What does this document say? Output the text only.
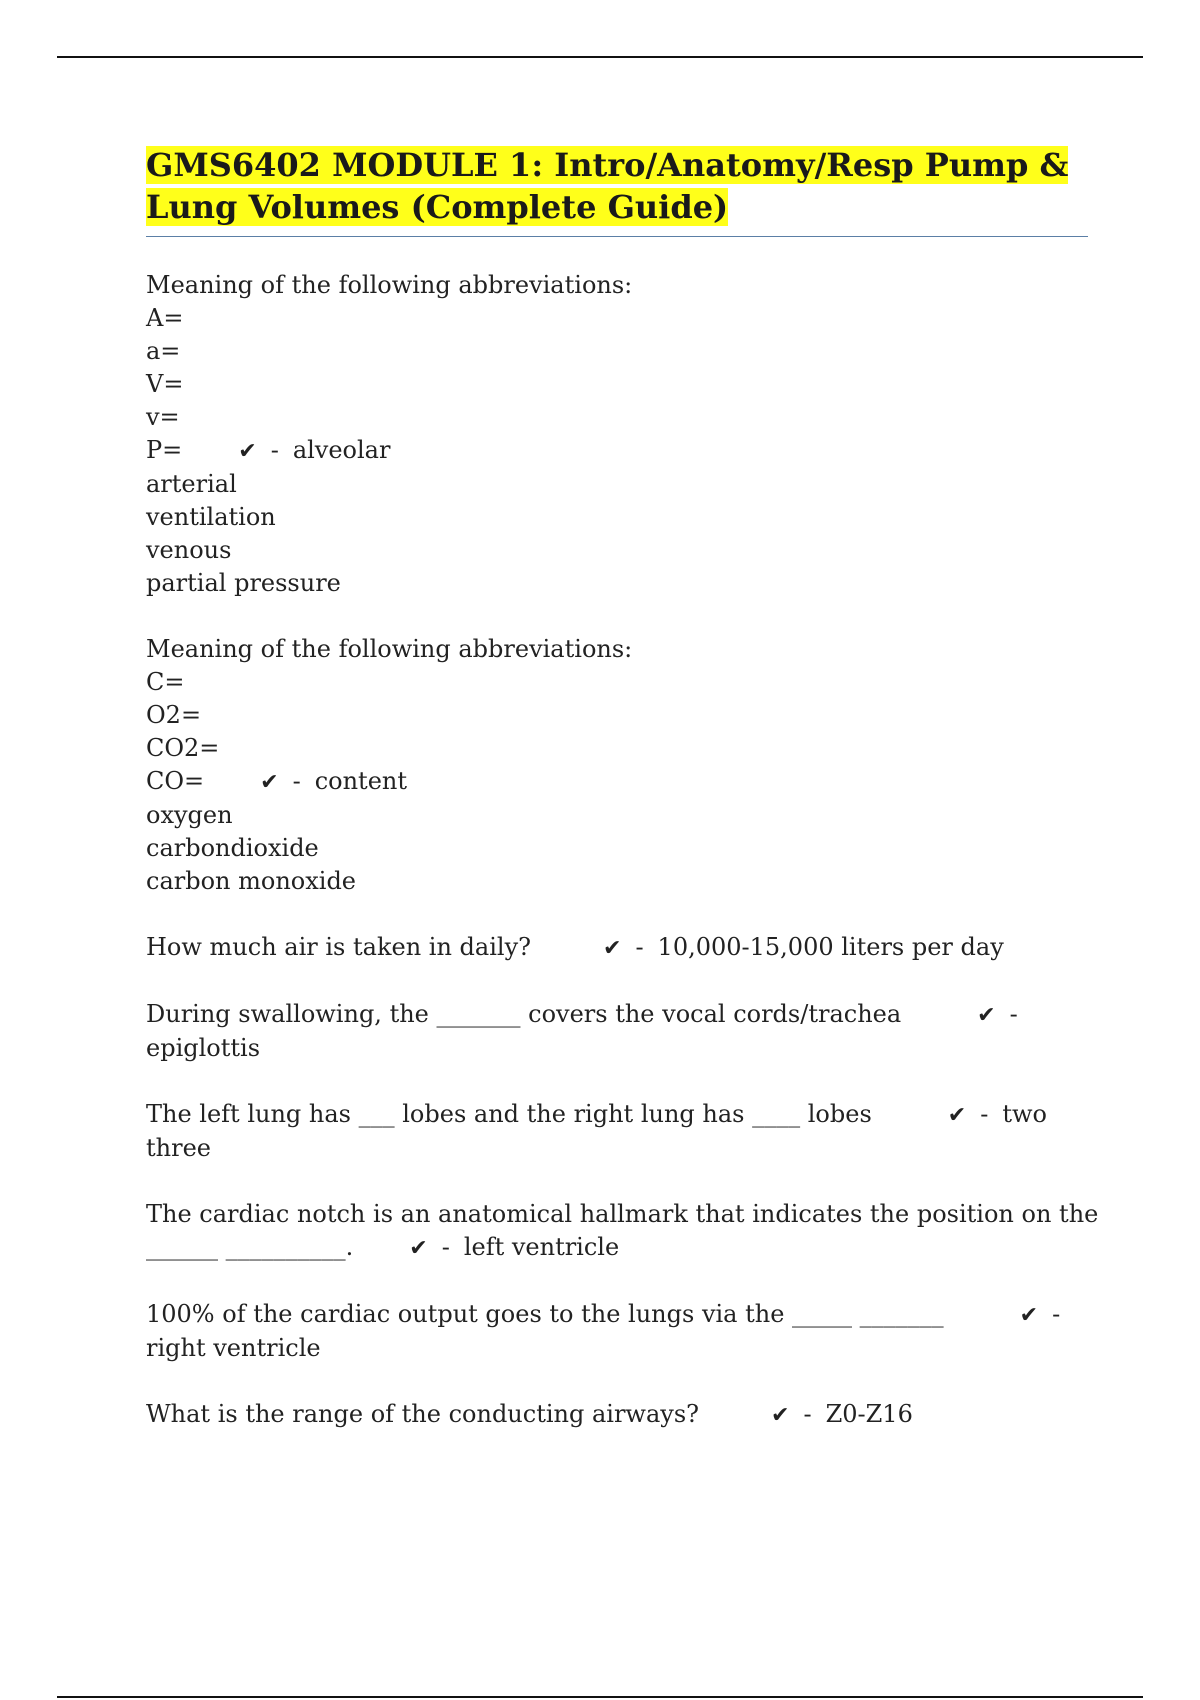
GMS6402 MODULE 1: Intro/Anatomy/Resp Pump & Lung Volumes (Complete Guide)
Meaning of the following abbreviations:
A=
a=
V=
v=
P=	✔ - alveolar
arterial
ventilation
venous
partial pressure
Meaning of the following abbreviations:
C=
O2=
CO2=
CO=	✔ - content
oxygen
carbondioxide
carbon monoxide
How much air is taken in daily?	✔ - 10,000-15,000 liters per day
During swallowing, the _______ covers the vocal cords/trachea	✔ -
epiglottis
The left lung has ___ lobes and the right lung has ____ lobes	✔ - two
three
The cardiac notch is an anatomical hallmark that indicates the position on the
______ __________.	✔ - left ventricle
100% of the cardiac output goes to the lungs via the _____ _______	✔ -
right ventricle
What is the range of the conducting airways?	✔ - Z0-Z16
